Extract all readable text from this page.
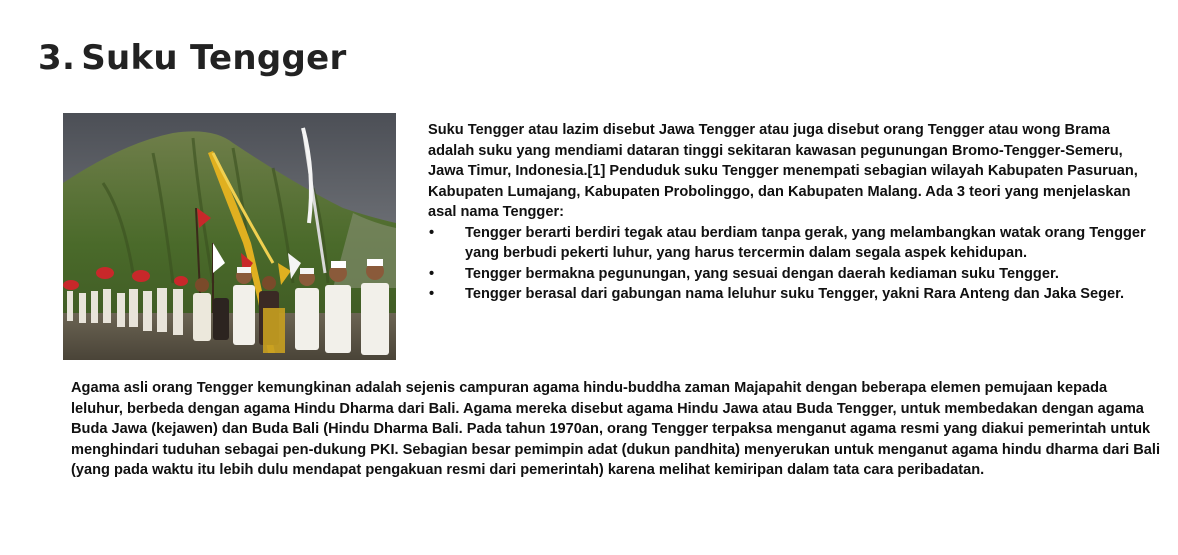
3. Suku Tengger

Suku Tengger atau lazim disebut Jawa Tengger atau juga disebut orang Tengger atau wong Brama adalah suku yang mendiami dataran tinggi sekitaran kawasan pegunungan Bromo-Tengger-Semeru, Jawa Timur, Indonesia.[1] Penduduk suku Tengger menempati sebagian wilayah Kabupaten Pasuruan, Kabupaten Lumajang, Kabupaten Probolinggo, dan Kabupaten Malang. Ada 3 teori yang menjelaskan asal nama Tengger:

• Tengger berarti berdiri tegak atau berdiam tanpa gerak, yang melambangkan watak orang Tengger yang berbudi pekerti luhur, yang harus tercermin dalam segala aspek kehidupan.
• Tengger bermakna pegunungan, yang sesuai dengan daerah kediaman suku Tengger.
• Tengger berasal dari gabungan nama leluhur suku Tengger, yakni Rara Anteng dan Jaka Seger.

Agama asli orang Tengger kemungkinan adalah sejenis campuran agama hindu-buddha zaman Majapahit dengan beberapa elemen pemujaan kepada leluhur, berbeda dengan agama Hindu Dharma dari Bali. Agama mereka disebut agama Hindu Jawa atau Buda Tengger, untuk membedakan dengan agama Buda Jawa (kejawen) dan Buda Bali (Hindu Dharma Bali. Pada tahun 1970an, orang Tengger terpaksa menganut agama resmi yang diakui pemerintah untuk menghindari tuduhan sebagai pen-dukung PKI. Sebagian besar pemimpin adat (dukun pandhita) menyerukan untuk menganut agama hindu dharma dari Bali (yang pada waktu itu lebih dulu mendapat pengakuan resmi dari pemerintah) karena melihat kemiripan dalam tata cara peribadatan.
